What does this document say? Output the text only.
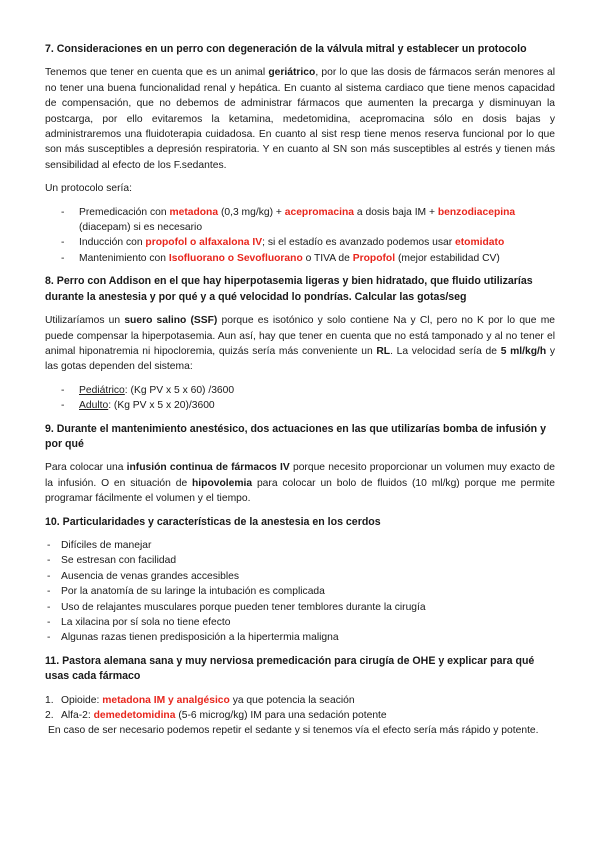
7. Consideraciones en un perro con degeneración de la válvula mitral y establecer un protocolo

Tenemos que tener en cuenta que es un animal geriátrico, por lo que las dosis de fármacos serán menores al no tener una buena funcionalidad renal y hepática. En cuanto al sistema cardiaco que tiene menos capacidad de compensación, que no debemos de administrar fármacos que aumenten la precarga y disminuyan la postcarga, por ello evitaremos la ketamina, medetomidina, acepromacina sólo en dosis bajas y administraremos una fluidoterapia cuidadosa. En cuanto al sist resp tiene menos reserva funcional por lo que son más susceptibles a depresión respiratoria. Y en cuanto al SN son más susceptibles al estrés y tienen más sensibilidad al efecto de los F.sedantes.

Un protocolo sería:

- Premedicación con metadona (0,3 mg/kg) + acepromacina a dosis baja IM + benzodiacepina (diacepam) si es necesario
- Inducción con propofol o alfaxalona IV; si el estadío es avanzado podemos usar etomidato
- Mantenimiento con Isofluorano o Sevofluorano o TIVA de Propofol (mejor estabilidad CV)
8. Perro con Addison en el que hay hiperpotasemia ligeras y bien hidratado, que fluido utilizarías durante la anestesia y por qué y a qué velocidad lo pondrías. Calcular las gotas/seg

Utilizaríamos un suero salino (SSF) porque es isotónico y solo contiene Na y Cl, pero no K por lo que me puede compensar la hiperpotasemia. Aun así, hay que tener en cuenta que no está tamponado y al no tener el animal hiponatremia ni hipocloremia, quizás sería más conveniente un RL. La velocidad sería de 5 ml/kg/h y las gotas dependen del sistema:

- Pediátrico: (Kg PV x 5 x 60) /3600
- Adulto: (Kg PV x 5 x 20)/3600
9. Durante el mantenimiento anestésico, dos actuaciones en las que utilizarías bomba de infusión y por qué

Para colocar una infusión continua de fármacos IV porque necesito proporcionar un volumen muy exacto de la infusión. O en situación de hipovolemia para colocar un bolo de fluidos (10 ml/kg) porque me permite programar fácilmente el volumen y el tiempo.

10. Particularidades y características de la anestesia en los cerdos
- Difíciles de manejar
- Se estresan con facilidad
- Ausencia de venas grandes accesibles
- Por la anatomía de su laringe la intubación es complicada
- Uso de relajantes musculares porque pueden tener temblores durante la cirugía
- La xilacina por sí sola no tiene efecto
- Algunas razas tienen predisposición a la hipertermia maligna
11. Pastora alemana sana y muy nerviosa premedicación para cirugía de OHE y explicar para qué usas cada fármaco
1. Opioide: metadona IM y analgésico ya que potencia la seación
2. Alfa-2: demedetomidina (5-6 microg/kg) IM para una sedación potente

En caso de ser necesario podemos repetir el sedante y si tenemos vía el efecto sería más rápido y potente.
